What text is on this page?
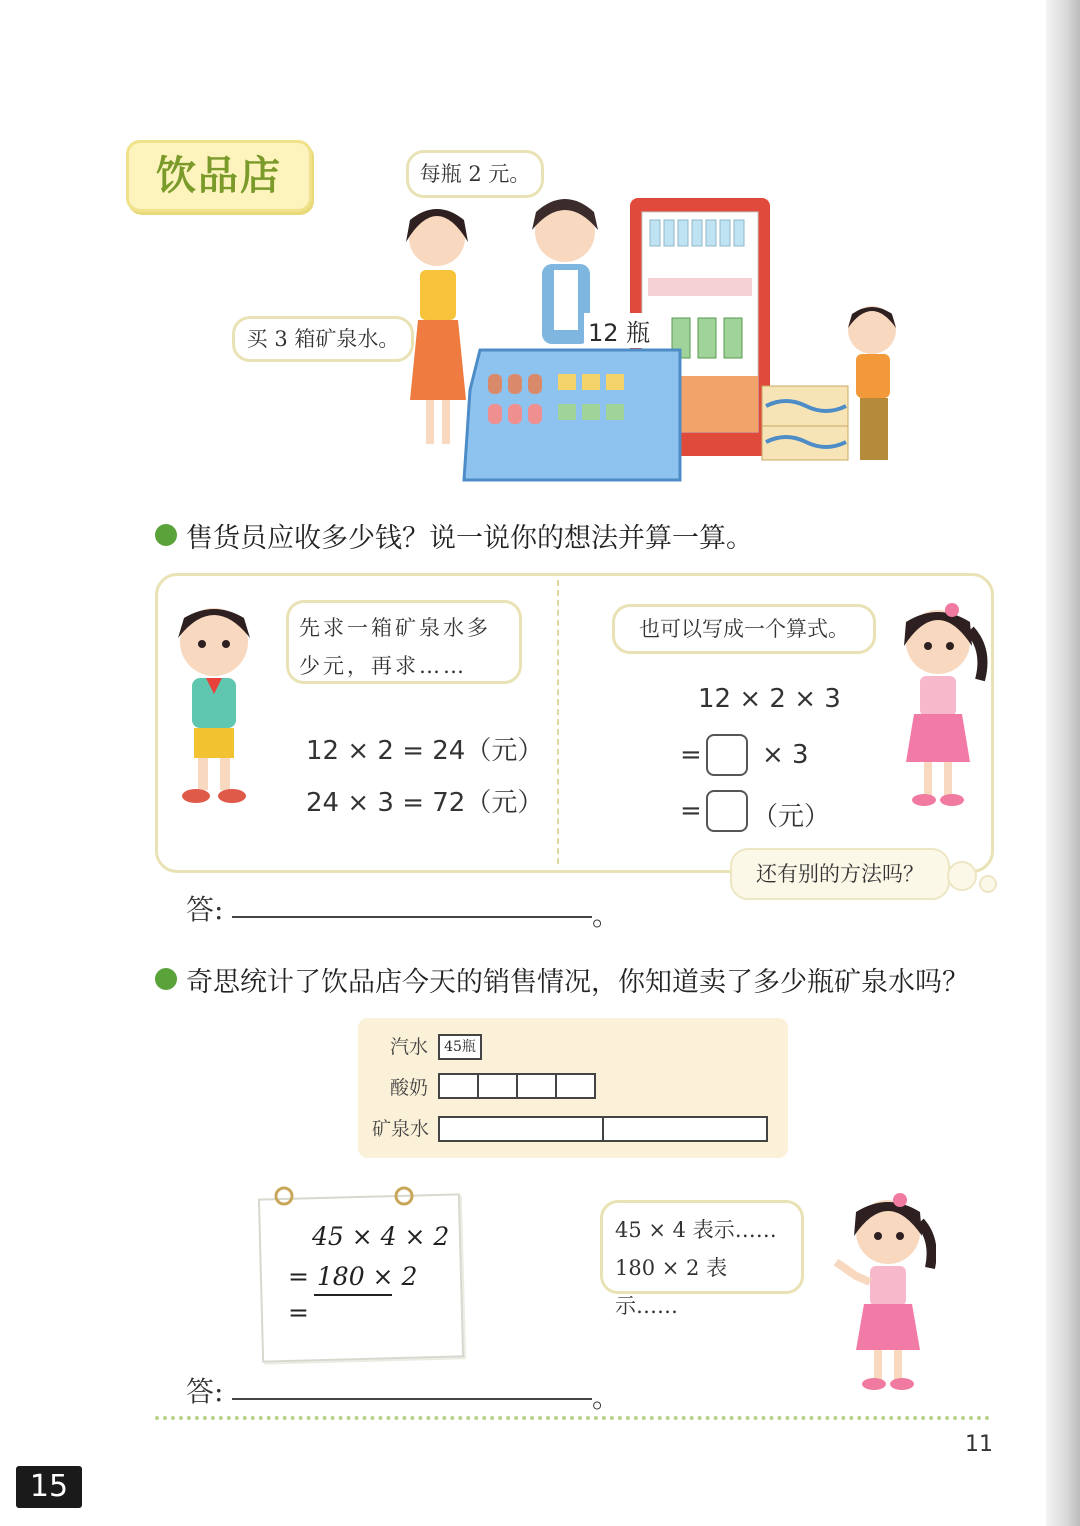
饮品店	每瓶 2 元。
买 3 箱矿泉水。	12 瓶
售货员应收多少钱？说一说你的想法并算一算。
先求一箱矿泉水多少元，再求……
12 × 2 = 24（元）
24 × 3 = 72（元）
也可以写成一个算式。
12 × 2 × 3
= × 3
= （元）
还有别的方法吗？
答:	。
奇思统计了饮品店今天的销售情况，你知道卖了多少瓶矿泉水吗？
汽水	45瓶
酸奶
矿泉水
45 × 4 × 2
= 180 × 2
=
45 × 4 表示……
180 × 2 表示……
答:	。
11
15
